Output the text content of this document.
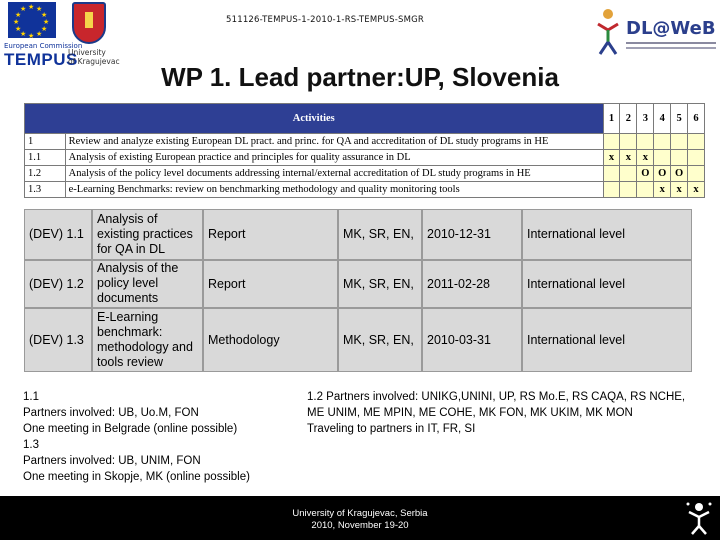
★ ★
★
★
★
★
★
★
★
★
★
★
European Commission
TEMPUS
University
of Kragujevac
511126-TEMPUS-1-2010-1-RS-TEMPUS-SMGR	DL@WeB
WP 1. Lead partner:UP, Slovenia
Activities		1	2	3	4	5	6
1	Review and analyze existing European DL pract. and princ. for QA and accreditation of DL study programs in HE						
1.1	Analysis of existing European practice and principles for quality assurance in DL	x	x	x			
1.2	Analysis of the policy level documents addressing internal/external accreditation of DL study programs in HE			O	O	O	
1.3	e-Learning Benchmarks: review on benchmarking methodology and quality monitoring tools				x	x	x
(DEV) 1.1	Analysis of
existing practices
for QA in DL	Report	MK, SR, EN,	2010-12-31	International level
(DEV) 1.2	Analysis of the
policy level
documents	Report	MK, SR, EN,	2011-02-28	International level
(DEV) 1.3	E-Learning
benchmark:
methodology and
tools review	Methodology	MK, SR, EN,	2010-03-31	International level
1.1
Partners involved: UB, Uo.M, FON
One meeting in Belgrade (online possible)
1.3
Partners involved: UB, UNIM, FON
One meeting in Skopje, MK (online possible)
1.2 Partners involved: UNIKG,UNINI, UP, RS Mo.E, RS CAQA, RS NCHE,
ME UNIM, ME MPIN, ME COHE, MK FON, MK UKIM, MK MON
Traveling to partners in IT, FR, SI
University of Kragujevac, Serbia
2010, November 19-20
